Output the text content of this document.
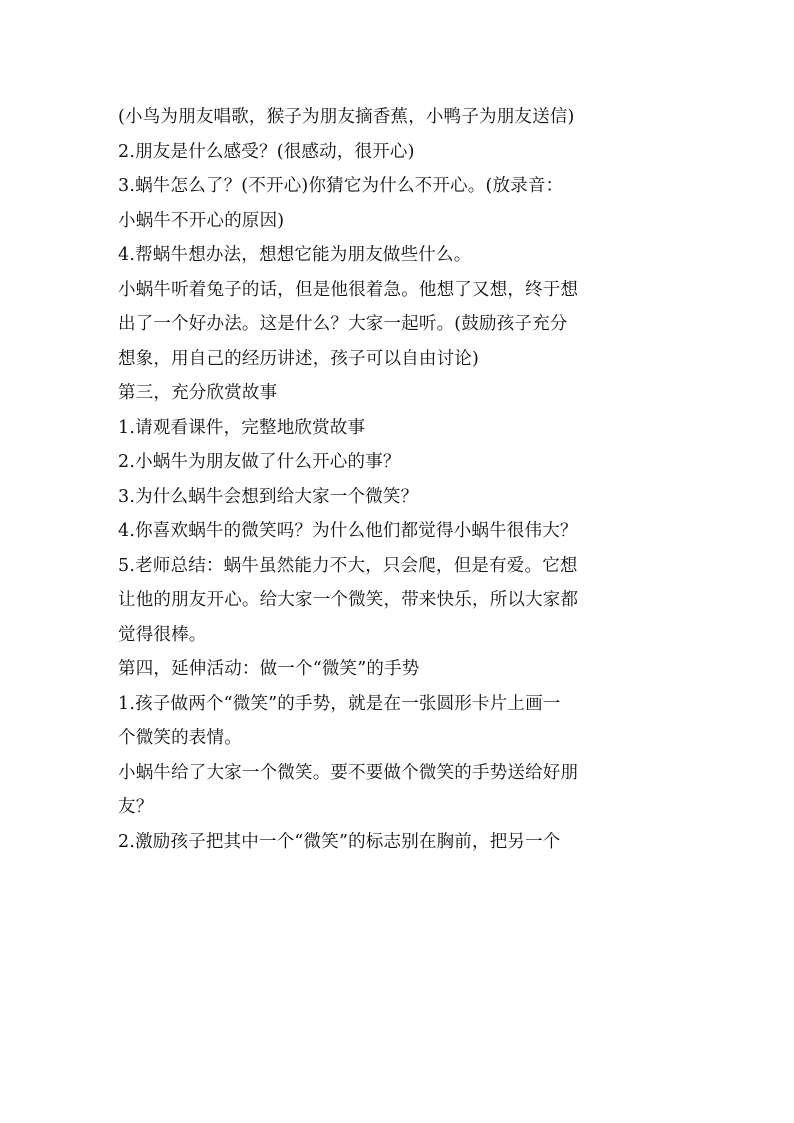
(小鸟为朋友唱歌，猴子为朋友摘香蕉，小鸭子为朋友送信)
2.朋友是什么感受？(很感动，很开心)
3.蜗牛怎么了？(不开心)你猜它为什么不开心。(放录音：
小蜗牛不开心的原因)
4.帮蜗牛想办法，想想它能为朋友做些什么。
小蜗牛听着兔子的话，但是他很着急。他想了又想，终于想
出了一个好办法。这是什么？大家一起听。(鼓励孩子充分
想象，用自己的经历讲述，孩子可以自由讨论)
第三，充分欣赏故事
1.请观看课件，完整地欣赏故事
2.小蜗牛为朋友做了什么开心的事？
3.为什么蜗牛会想到给大家一个微笑？
4.你喜欢蜗牛的微笑吗？为什么他们都觉得小蜗牛很伟大？
5.老师总结：蜗牛虽然能力不大，只会爬，但是有爱。它想
让他的朋友开心。给大家一个微笑，带来快乐，所以大家都
觉得很棒。
第四，延伸活动：做一个“微笑”的手势
1.孩子做两个“微笑”的手势，就是在一张圆形卡片上画一
个微笑的表情。
小蜗牛给了大家一个微笑。要不要做个微笑的手势送给好朋
友？
2.激励孩子把其中一个“微笑”的标志别在胸前，把另一个
